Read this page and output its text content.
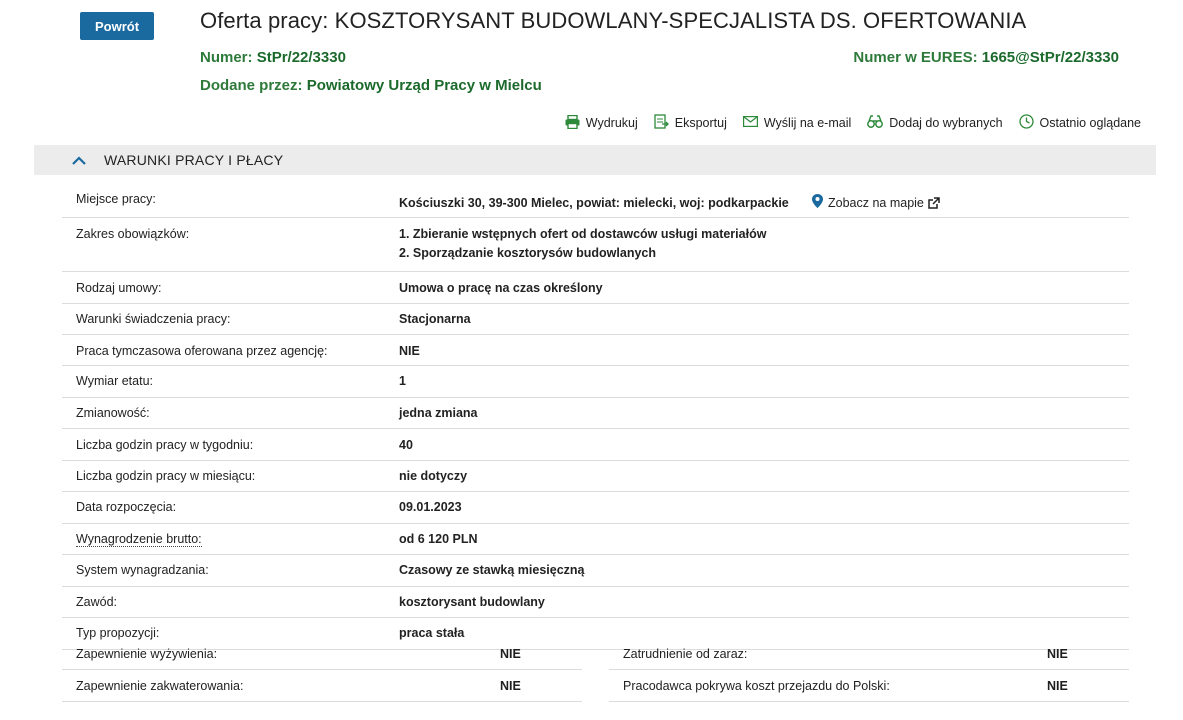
Powrót	Oferta pracy: KOSZTORYSANT BUDOWLANY-SPECJALISTA DS. OFERTOWANIA
Numer: StPr/22/3330	Numer w EURES: 1665@StPr/22/3330
Dodane przez: Powiatowy Urząd Pracy w Mielcu
Wydrukuj	Eksportuj	Wyślij na e-mail	Dodaj do wybranych	Ostatnio oglądane
WARUNKI PRACY I PŁACY
Miejsce pracy:	Kościuszki 30, 39-300 Mielec, powiat: mielecki, woj: podkarpackie	Zobacz na mapie
Zakres obowiązków:	1. Zbieranie wstępnych ofert od dostawców usługi materiałów
2. Sporządzanie kosztorysów budowlanych
Rodzaj umowy:	Umowa o pracę na czas określony
Warunki świadczenia pracy:	Stacjonarna
Praca tymczasowa oferowana przez agencję:	NIE
Wymiar etatu:	1
Zmianowość:	jedna zmiana
Liczba godzin pracy w tygodniu:	40
Liczba godzin pracy w miesiącu:	nie dotyczy
Data rozpoczęcia:	09.01.2023
Wynagrodzenie brutto:	od 6 120 PLN
System wynagradzania:	Czasowy ze stawką miesięczną
Zawód:	kosztorysant budowlany
Typ propozycji:	praca stała
Zapewnienie wyżywienia:	NIE	Zatrudnienie od zaraz:	NIE
Zapewnienie zakwaterowania:	NIE	Pracodawca pokrywa koszt przejazdu do Polski:	NIE
